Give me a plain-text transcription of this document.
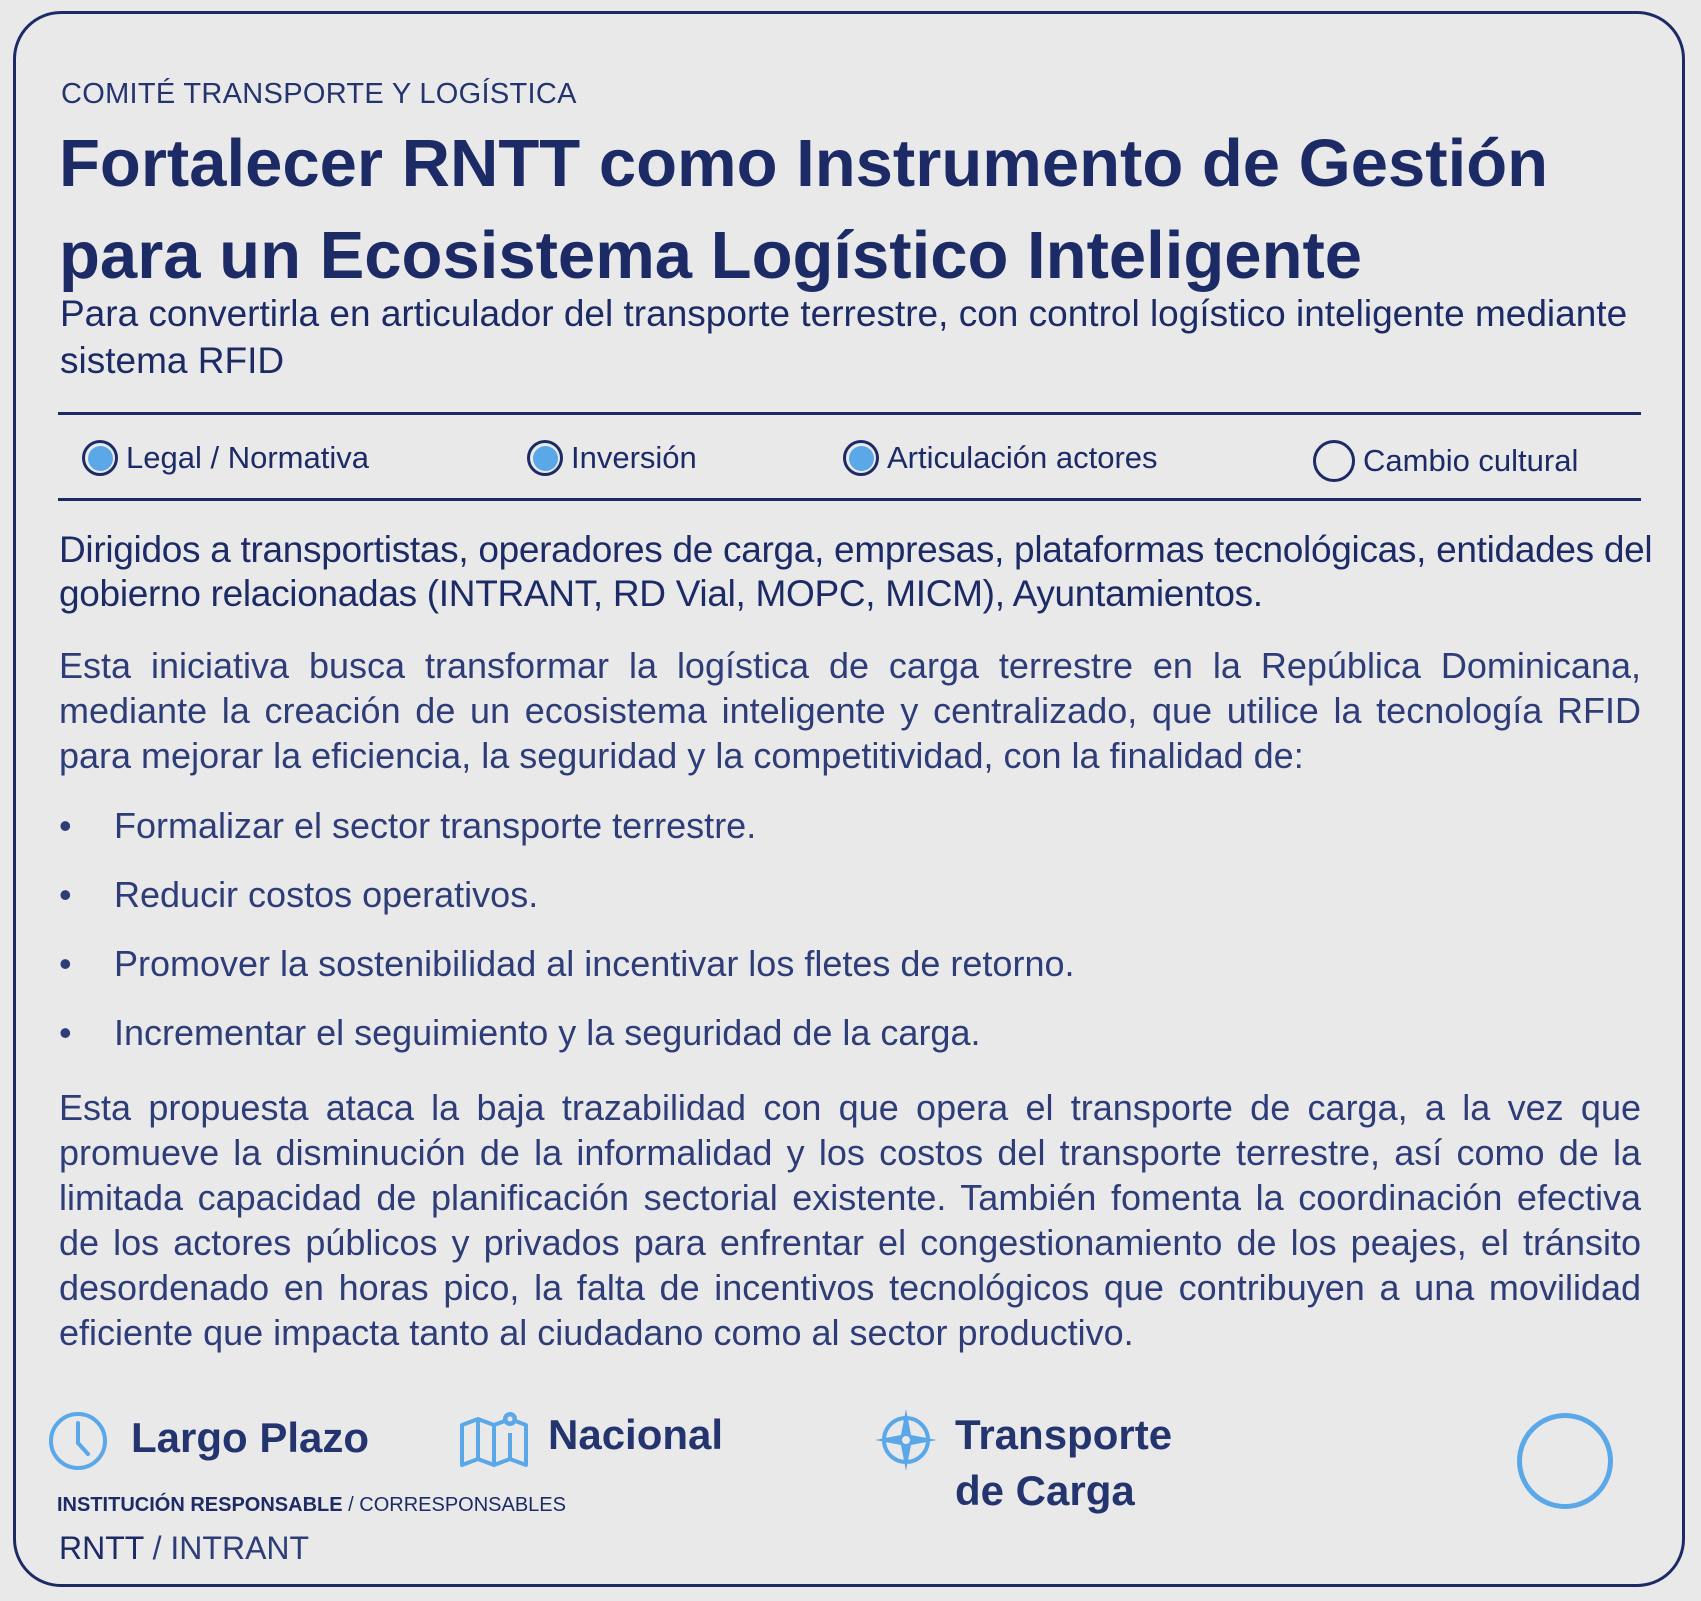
COMITÉ TRANSPORTE Y LOGÍSTICA
Fortalecer RNTT como Instrumento de Gestión para un Ecosistema Logístico Inteligente

Para convertirla en articulador del transporte terrestre, con control logístico inteligente mediante sistema RFID

Legal / Normativa	Inversión	Articulación actores	Cambio cultural

Dirigidos a transportistas, operadores de carga, empresas, plataformas tecnológicas, entidades del gobierno relacionadas (INTRANT, RD Vial, MOPC, MICM), Ayuntamientos.

Esta iniciativa busca transformar la logística de carga terrestre en la República Dominicana, mediante la creación de un ecosistema inteligente y centralizado, que utilice la tecnología RFID para mejorar la eficiencia, la seguridad y la competitividad, con la finalidad de:

• Formalizar el sector transporte terrestre.
• Reducir costos operativos.
• Promover la sostenibilidad al incentivar los fletes de retorno.
• Incrementar el seguimiento y la seguridad de la carga.

Esta propuesta ataca la baja trazabilidad con que opera el transporte de carga, a la vez que promueve la disminución de la informalidad y los costos del transporte terrestre, así como de la limitada capacidad de planificación sectorial existente. También fomenta la coordinación efectiva de los actores públicos y privados para enfrentar el congestionamiento de los peajes, el tránsito desordenado en horas pico, la falta de incentivos tecnológicos que contribuyen a una movilidad eficiente que impacta tanto al ciudadano como al sector productivo.

Largo Plazo	Nacional	Transporte
de Carga
INSTITUCIÓN RESPONSABLE / CORRESPONSABLES
RNTT / INTRANT
